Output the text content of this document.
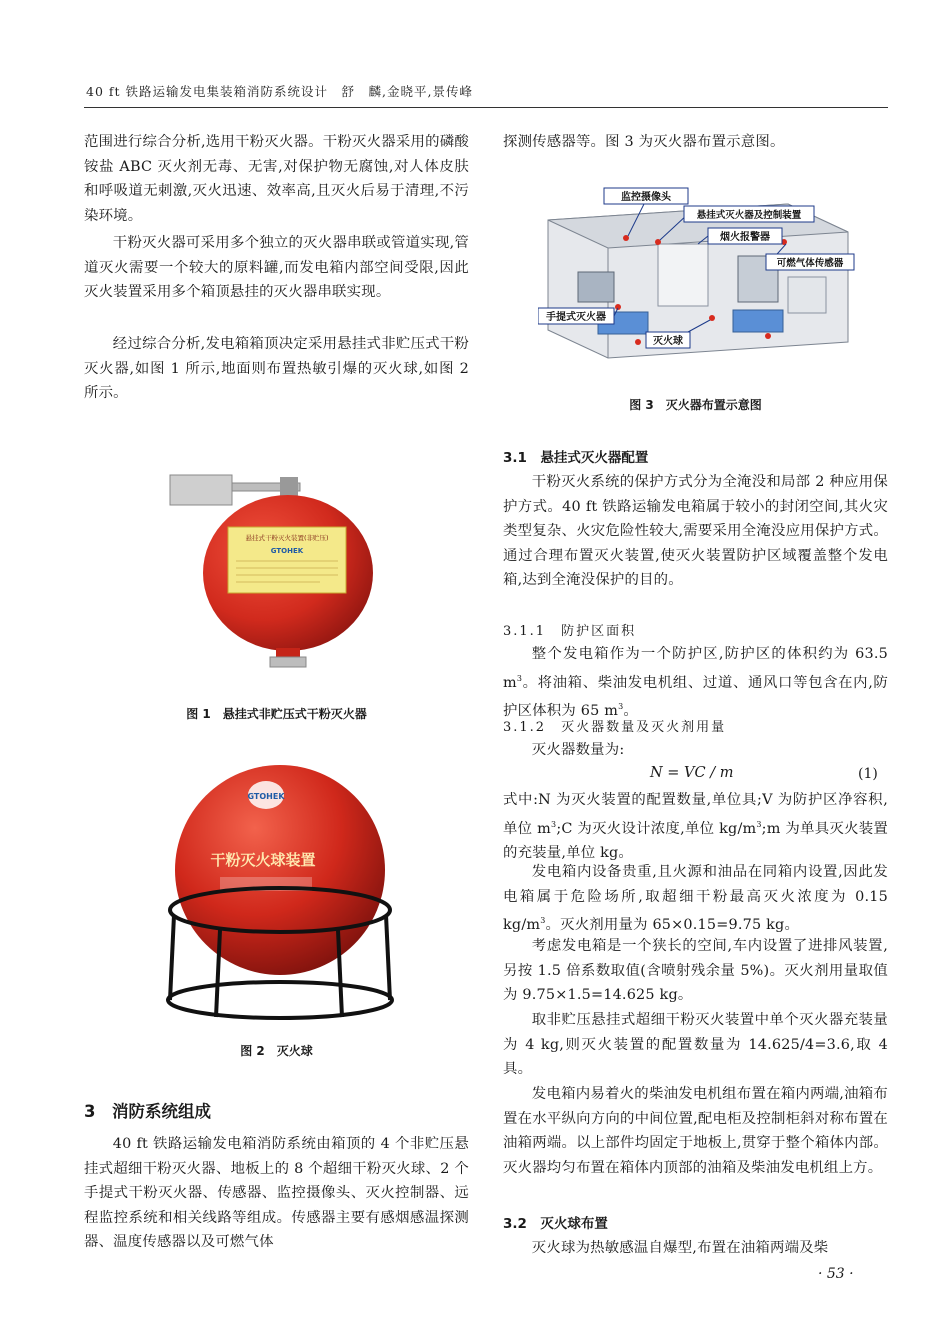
40 ft 铁路运输发电集装箱消防系统设计　舒　麟,金晓平,景传峰

范围进行综合分析,选用干粉灭火器。干粉灭火器采用的磷酸铵盐 ABC 灭火剂无毒、无害,对保护物无腐蚀,对人体皮肤和呼吸道无刺激,灭火迅速、效率高,且灭火后易于清理,不污染环境。

干粉灭火器可采用多个独立的灭火器串联或管道实现,管道灭火需要一个较大的原料罐,而发电箱内部空间受限,因此灭火装置采用多个箱顶悬挂的灭火器串联实现。

经过综合分析,发电箱箱顶决定采用悬挂式非贮压式干粉灭火器,如图 1 所示,地面则布置热敏引爆的灭火球,如图 2 所示。

悬挂式干粉灭火装置(非贮压)
GTOHEK
图 1　悬挂式非贮压式干粉灭火器
GTOHEK
干粉灭火球装置
图 2　灭火球
3　消防系统组成

40 ft 铁路运输发电箱消防系统由箱顶的 4 个非贮压悬挂式超细干粉灭火器、地板上的 8 个超细干粉灭火球、2 个手提式干粉灭火器、传感器、监控摄像头、灭火控制器、远程监控系统和相关线路等组成。传感器主要有感烟感温探测器、温度传感器以及可燃气体

探测传感器等。图 3 为灭火器布置示意图。

监控摄像头
悬挂式灭火器及控制装置
烟火报警器
可燃气体传感器
手提式灭火器
灭火球
图 3　灭火器布置示意图
3.1　悬挂式灭火器配置

干粉灭火系统的保护方式分为全淹没和局部 2 种应用保护方式。40 ft 铁路运输发电箱属于较小的封闭空间,其火灾类型复杂、火灾危险性较大,需要采用全淹没应用保护方式。通过合理布置灭火装置,使灭火装置防护区域覆盖整个发电箱,达到全淹没保护的目的。

3.1.1　防护区面积

整个发电箱作为一个防护区,防护区的体积约为 63.5 $m^3$。将油箱、柴油发电机组、过道、通风口等包含在内,防护区体积为 65 $m^3$。

3.1.2　灭火器数量及灭火剂用量

灭火器数量为:

N = VC / m	(1)

式中:N 为灭火装置的配置数量,单位具;V 为防护区净容积,单位 $m^3;C$ 为灭火设计浓度,单位 $kg/m^3;m$ 为单具灭火装置的充装量,单位 kg。

发电箱内设备贵重,且火源和油品在同箱内设置,因此发电箱属于危险场所,取超细干粉最高灭火浓度为 0.15 $kg/m^3$。灭火剂用量为 65×0.15=9.75 kg。

考虑发电箱是一个狭长的空间,车内设置了进排风装置,另按 1.5 倍系数取值(含喷射残余量 5%)。灭火剂用量取值为 9.75×1.5=14.625 kg。

取非贮压悬挂式超细干粉灭火装置中单个灭火器充装量为 4 kg,则灭火装置的配置数量为 14.625/4=3.6,取 4 具。

发电箱内易着火的柴油发电机组布置在箱内两端,油箱布置在水平纵向方向的中间位置,配电柜及控制柜斜对称布置在油箱两端。以上部件均固定于地板上,贯穿于整个箱体内部。灭火器均匀布置在箱体内顶部的油箱及柴油发电机组上方。

3.2　灭火球布置

灭火球为热敏感温自爆型,布置在油箱两端及柴

· 53 ·
